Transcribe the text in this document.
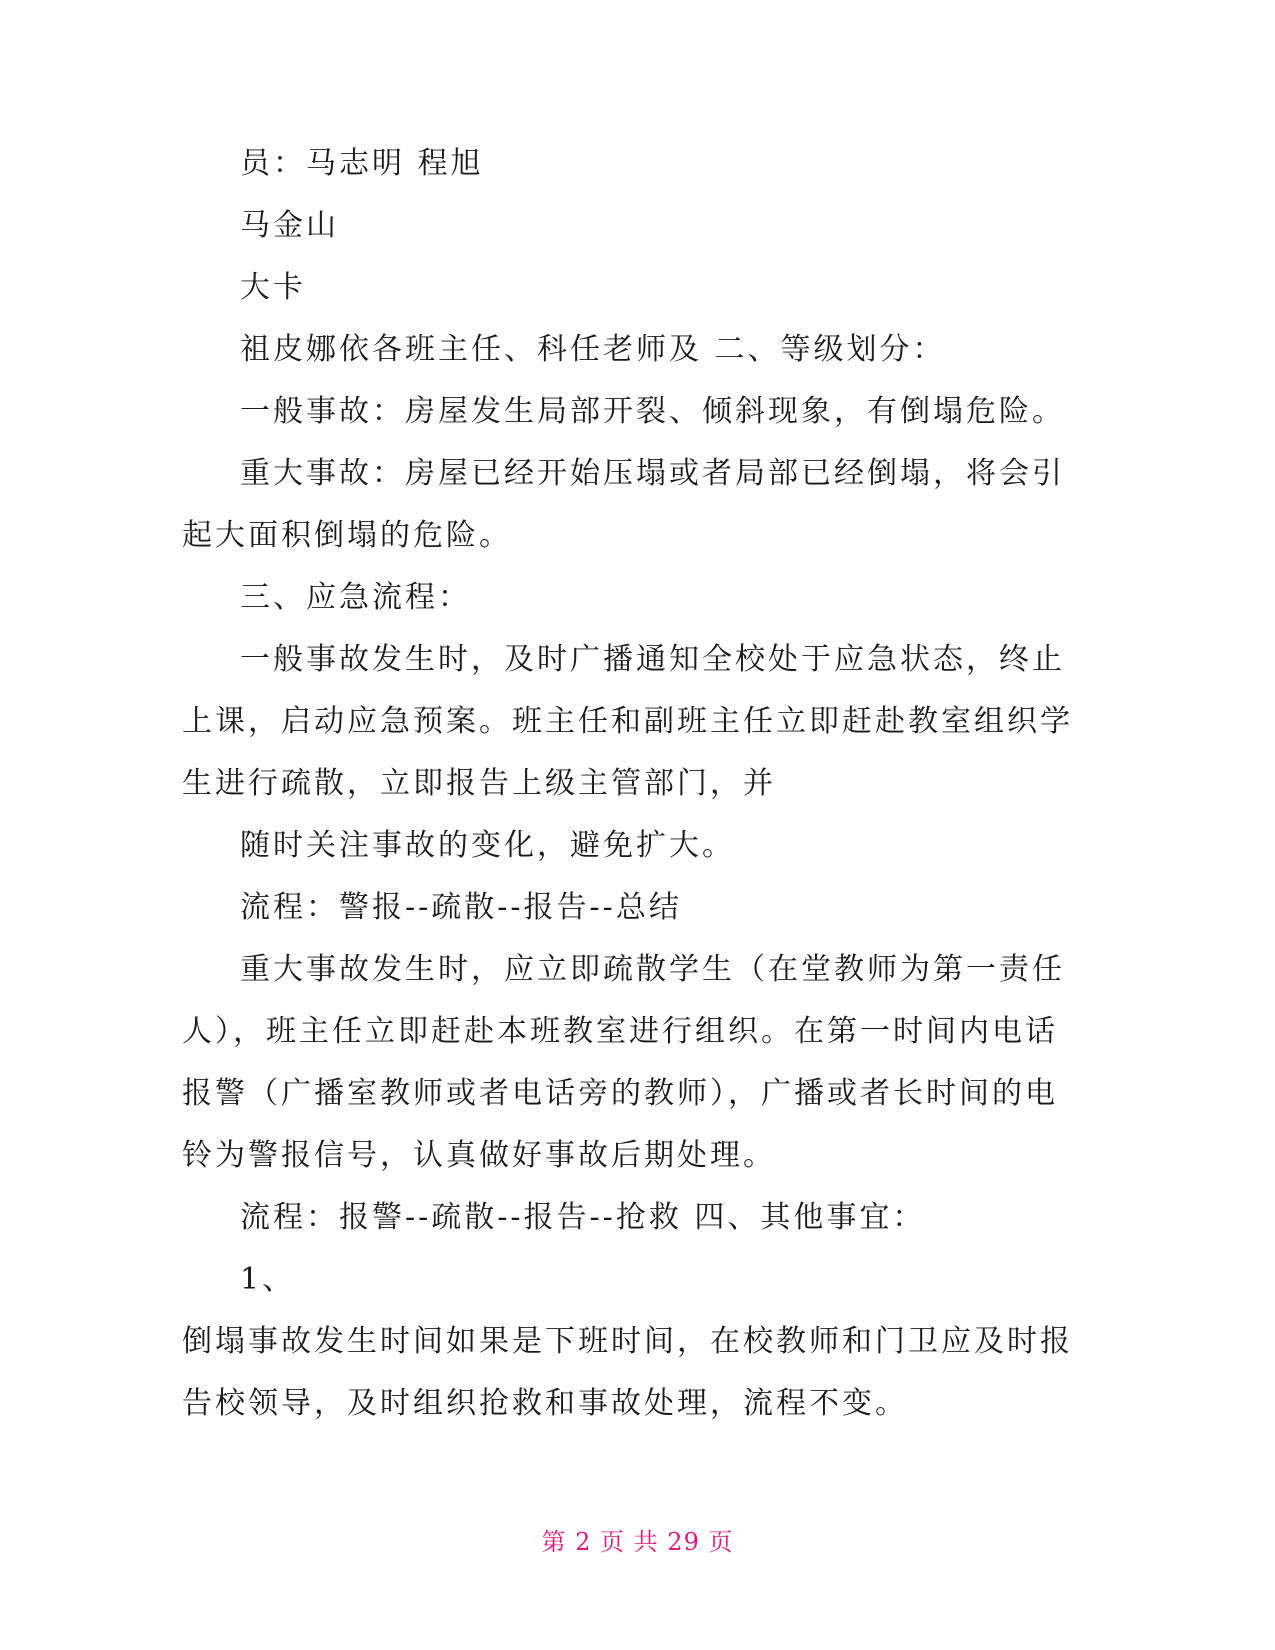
员：马志明 程旭
马金山
大卡
祖皮娜依各班主任、科任老师及 二、等级划分：
一般事故：房屋发生局部开裂、倾斜现象，有倒塌危险。
重大事故：房屋已经开始压塌或者局部已经倒塌，将会引
起大面积倒塌的危险。
三、应急流程：
一般事故发生时，及时广播通知全校处于应急状态，终止
上课，启动应急预案。班主任和副班主任立即赶赴教室组织学
生进行疏散，立即报告上级主管部门，并
随时关注事故的变化，避免扩大。
流程：警报--疏散--报告--总结
重大事故发生时，应立即疏散学生（在堂教师为第一责任
人），班主任立即赶赴本班教室进行组织。在第一时间内电话
报警（广播室教师或者电话旁的教师），广播或者长时间的电
铃为警报信号，认真做好事故后期处理。
流程：报警--疏散--报告--抢救 四、其他事宜：
1、
倒塌事故发生时间如果是下班时间，在校教师和门卫应及时报
告校领导，及时组织抢救和事故处理，流程不变。
第 2 页 共 29 页
